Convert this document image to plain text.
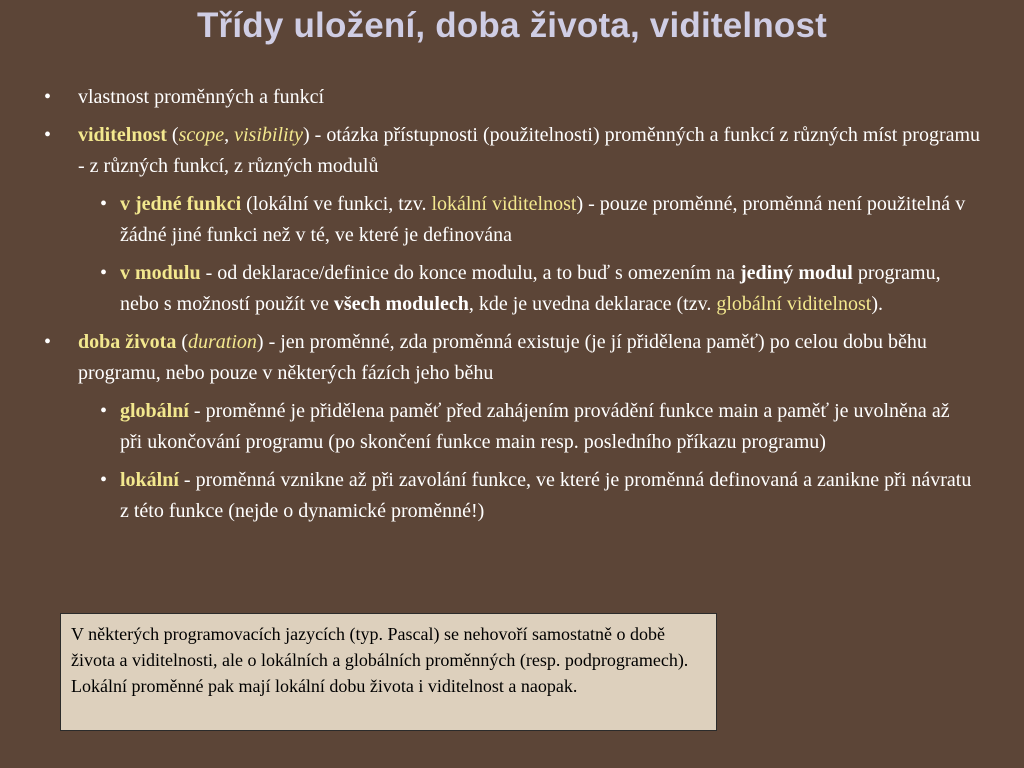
Třídy uložení, doba života, viditelnost
• vlastnost proměnných a funkcí
• viditelnost (scope, visibility) - otázka přístupnosti (použitelnosti) proměnných a funkcí z různých míst programu - z různých funkcí, z různých modulů
• v jedné funkci (lokální ve funkci, tzv. lokální viditelnost) - pouze proměnné, proměnná není použitelná v žádné jiné funkci než v té, ve které je definována
• v modulu - od deklarace/definice do konce modulu, a to buď s omezením na jediný modul programu, nebo s možností použít ve všech modulech, kde je uvedna deklarace (tzv. globální viditelnost).
• doba života (duration) - jen proměnné, zda proměnná existuje (je jí přidělena paměť) po celou dobu běhu programu, nebo pouze v některých fázích jeho běhu
• globální - proměnné je přidělena paměť před zahájením provádění funkce main a paměť je uvolněna až při ukončování programu (po skončení funkce main resp. posledního příkazu programu)
• lokální - proměnná vznikne až při zavolání funkce, ve které je proměnná definovaná a zanikne při návratu z této funkce (nejde o dynamické proměnné!)
V některých programovacích jazycích (typ. Pascal) se nehovoří samostatně o době života a viditelnosti, ale o lokálních a globálních proměnných (resp. podprogramech). Lokální proměnné pak mají lokální dobu života i viditelnost a naopak.
